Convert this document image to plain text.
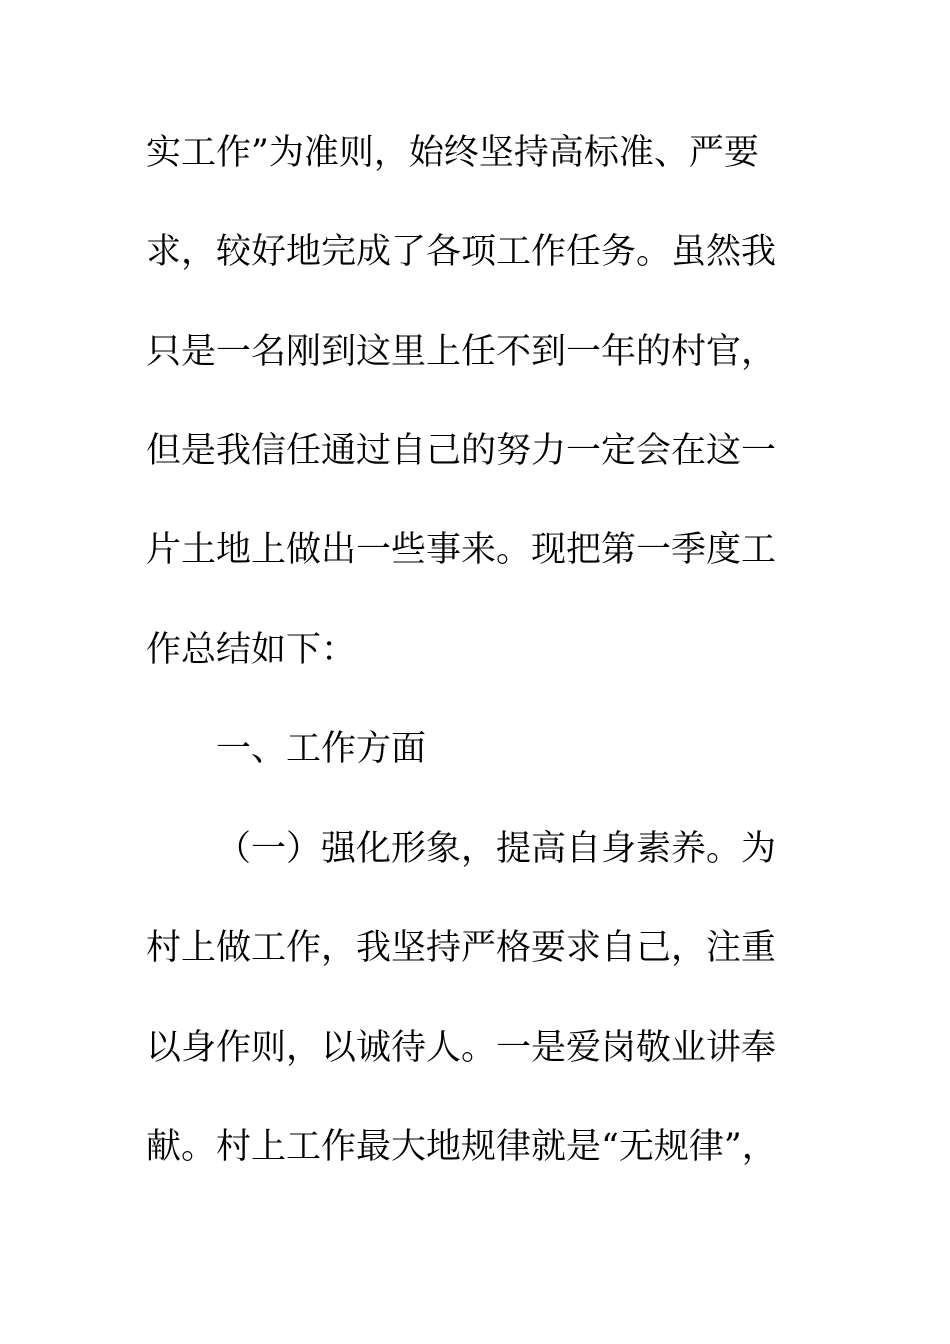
实工作”为准则，始终坚持高标准、严要
求，较好地完成了各项工作任务。虽然我
只是一名刚到这里上任不到一年的村官，
但是我信任通过自己的努力一定会在这一
片土地上做出一些事来。现把第一季度工
作总结如下：
一、工作方面
（一）强化形象，提高自身素养。为
村上做工作，我坚持严格要求自己，注重
以身作则，以诚待人。一是爱岗敬业讲奉
献。村上工作最大地规律就是“无规律”，
